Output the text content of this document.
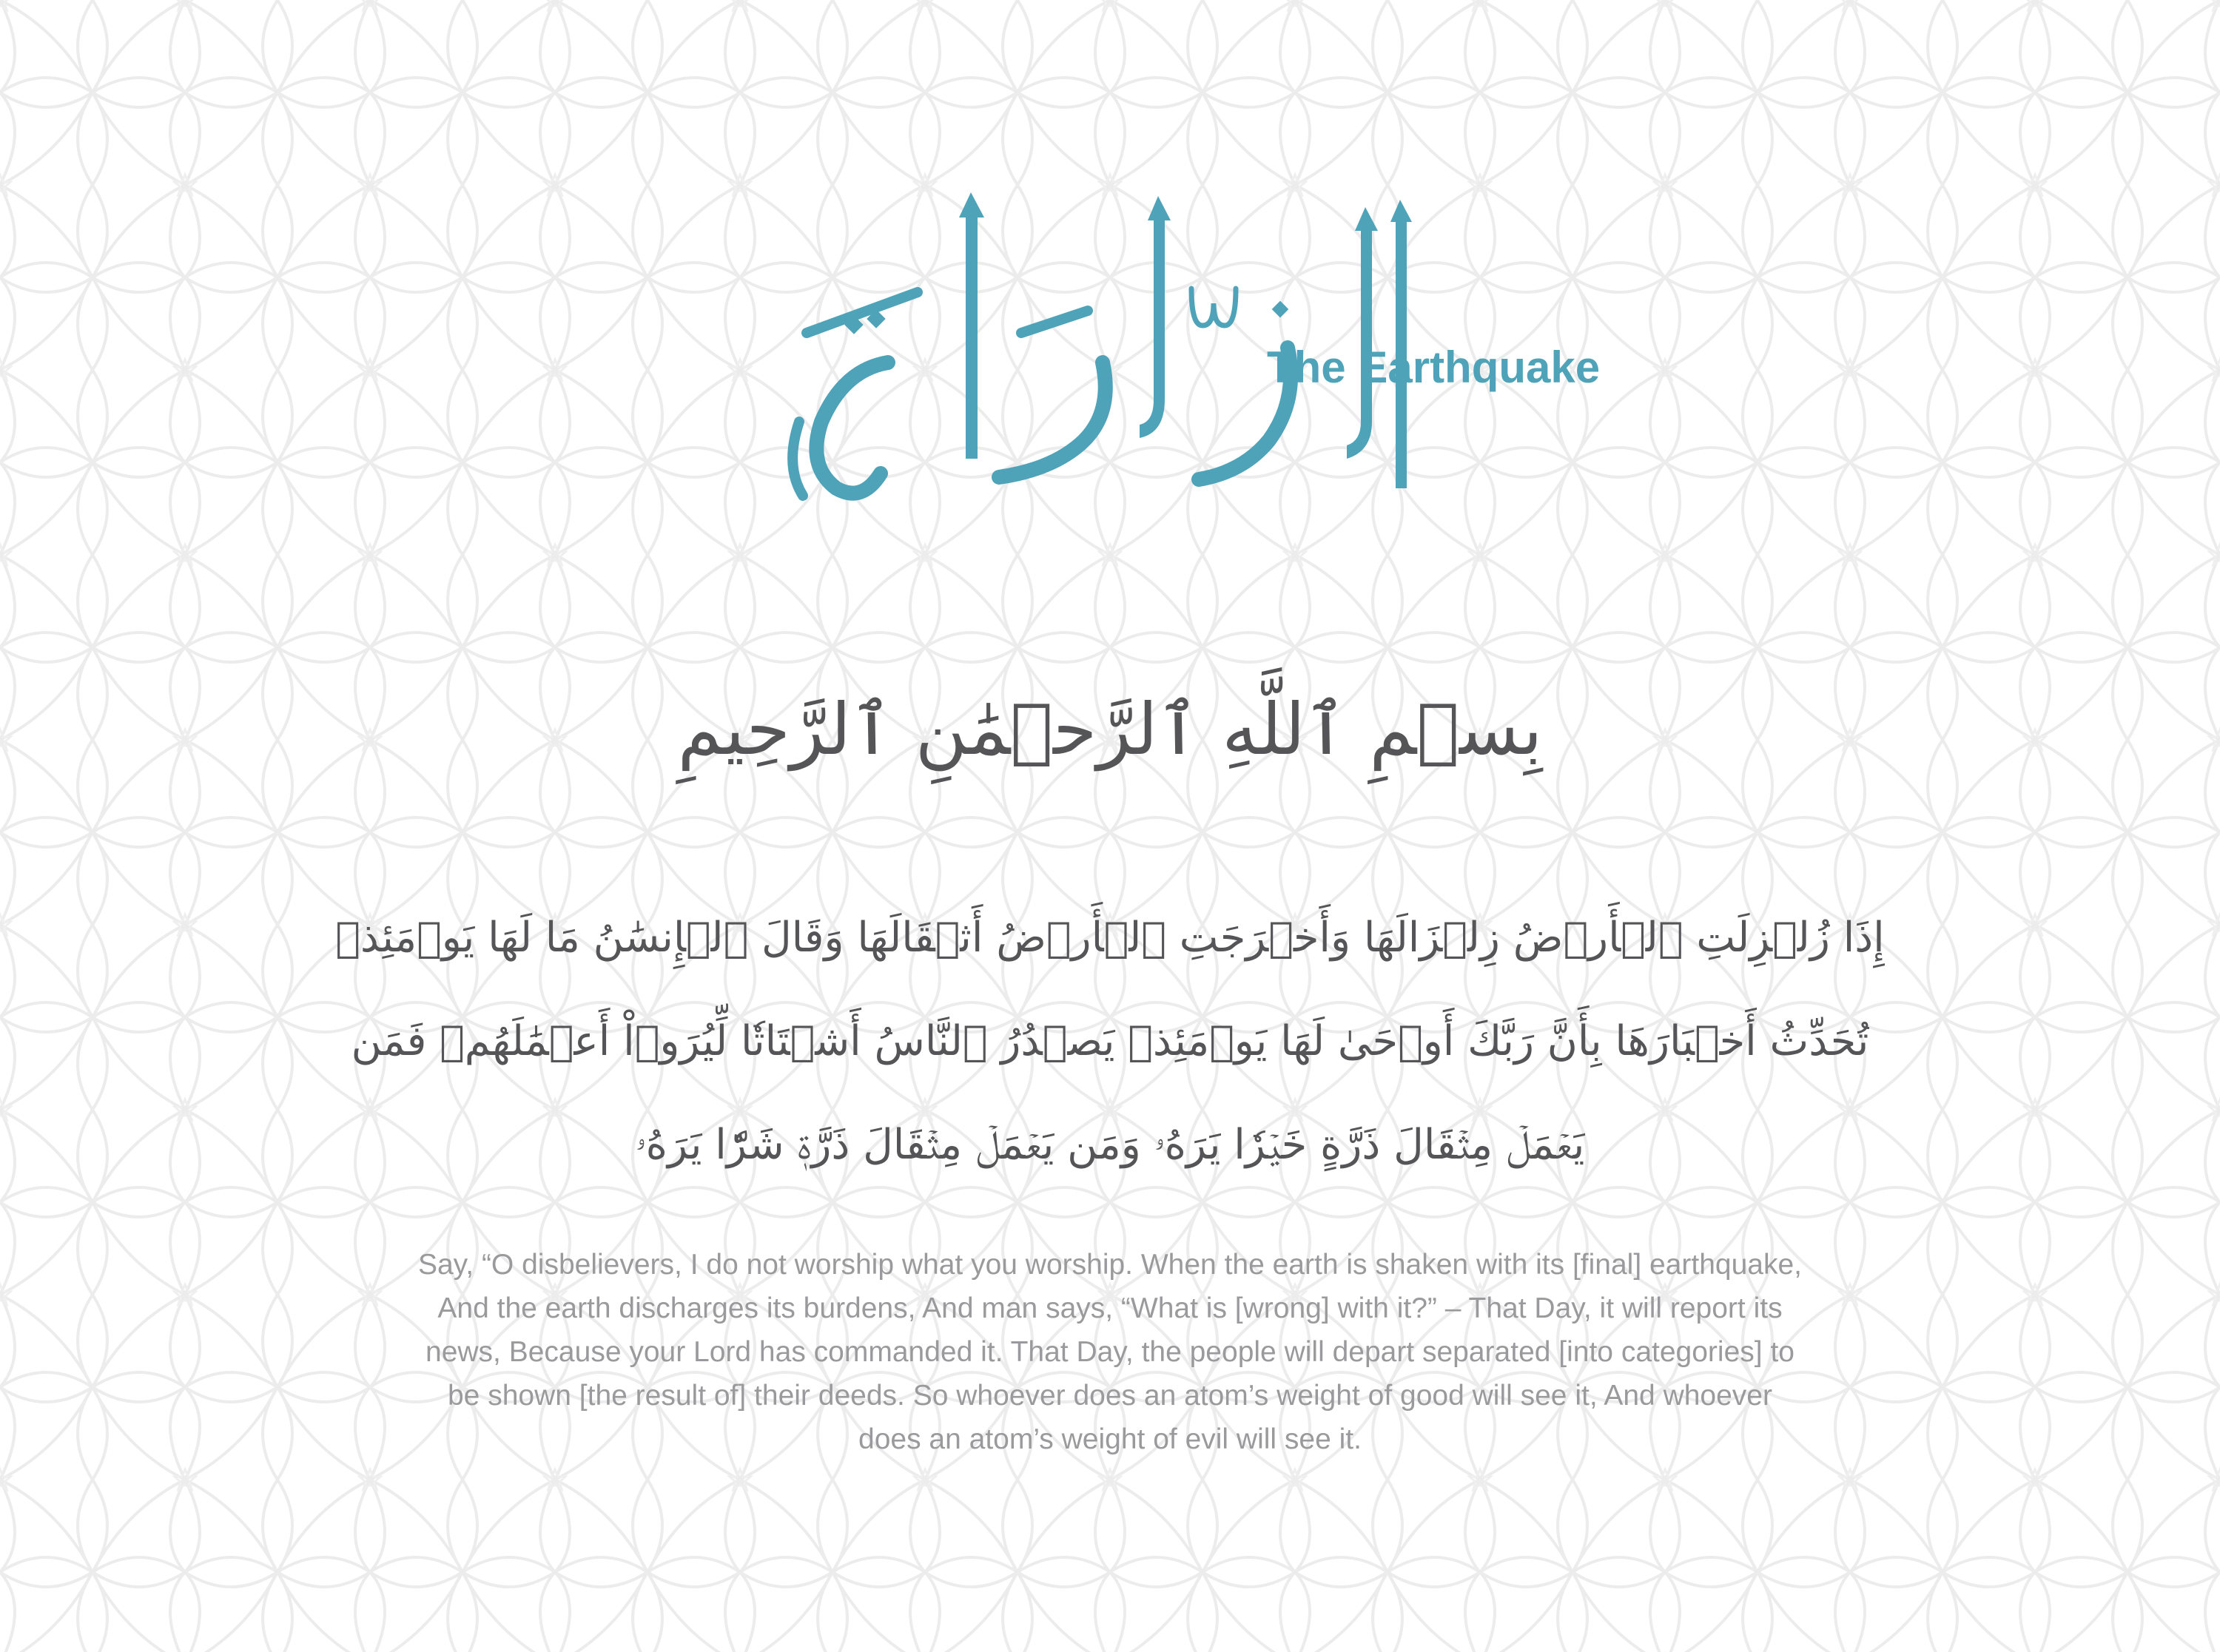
The Earthquake
بِسۡمِ ٱللَّهِ ٱلرَّحۡمَٰنِ ٱلرَّحِيمِ
إِذَا زُلۡزِلَتِ ٱلۡأَرۡضُ زِلۡزَالَهَا وَأَخۡرَجَتِ ٱلۡأَرۡضُ أَثۡقَالَهَا وَقَالَ ٱلۡإِنسَٰنُ مَا لَهَا يَوۡمَئِذٖ
تُحَدِّثُ أَخۡبَارَهَا بِأَنَّ رَبَّكَ أَوۡحَىٰ لَهَا يَوۡمَئِذٖ يَصۡدُرُ ٱلنَّاسُ أَشۡتَاتٗا لِّيُرَوۡاْ أَعۡمَٰلَهُمۡ فَمَن
يَعۡمَلۡ مِثۡقَالَ ذَرَّةٍ خَيۡرٗا يَرَهُۥ وَمَن يَعۡمَلۡ مِثۡقَالَ ذَرَّةٖ شَرّٗا يَرَهُۥ
Say, “O disbelievers, I do not worship what you worship. When the earth is shaken with its [final] earthquake,
And the earth discharges its burdens, And man says, “What is [wrong] with it?” – That Day, it will report its
news, Because your Lord has commanded it. That Day, the people will depart separated [into categories] to
be shown [the result of] their deeds. So whoever does an atom’s weight of good will see it, And whoever
does an atom’s weight of evil will see it.
